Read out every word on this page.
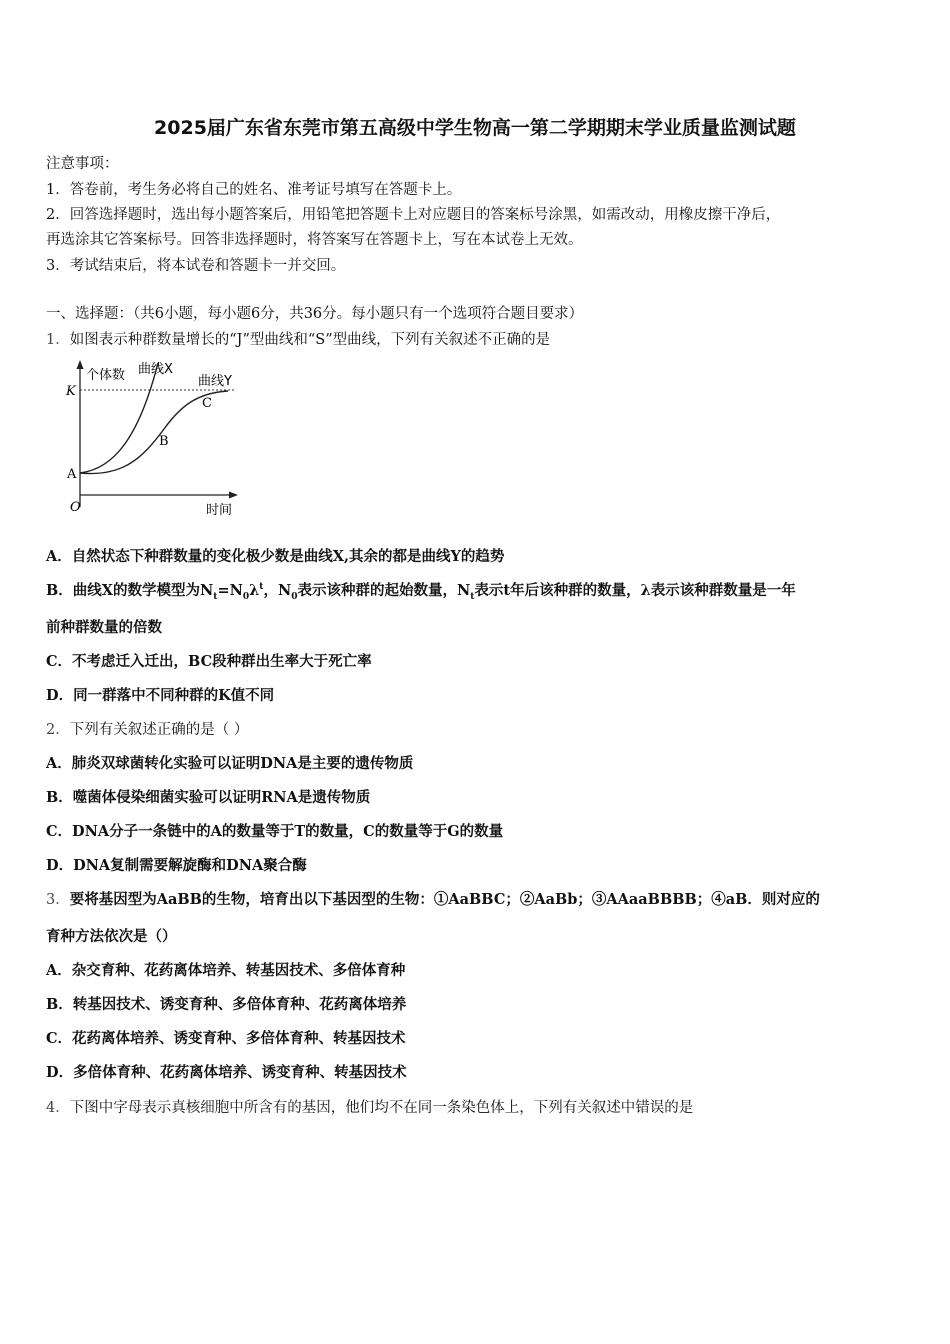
2025届广东省东莞市第五高级中学生物高一第二学期期末学业质量监测试题
注意事项：
1．答卷前，考生务必将自己的姓名、准考证号填写在答题卡上。
2．回答选择题时，选出每小题答案后，用铅笔把答题卡上对应题目的答案标号涂黑，如需改动，用橡皮擦干净后，
再选涂其它答案标号。回答非选择题时，将答案写在答题卡上，写在本试卷上无效。
3．考试结束后，将本试卷和答题卡一并交回。
一、选择题：（共6小题，每小题6分，共36分。每小题只有一个选项符合题目要求）
1．如图表示种群数量增长的“J”型曲线和“S”型曲线，下列有关叙述不正确的是
个体数 曲线X
曲线Y
K
A
B
C
O	时间
A．自然状态下种群数量的变化极少数是曲线X,其余的都是曲线Y的趋势
B．曲线X的数学模型为$N_t=N_0\lambda^t$，$N_0$表示该种群的起始数量，$N_t$表示t年后该种群的数量，λ表示该种群数量是一年
前种群数量的倍数
C．不考虑迁入迁出，BC段种群出生率大于死亡率
D．同一群落中不同种群的K值不同
2．下列有关叙述正确的是（ ）
A．肺炎双球菌转化实验可以证明DNA是主要的遗传物质
B．噬菌体侵染细菌实验可以证明RNA是遗传物质
C．DNA分子一条链中的A的数量等于T的数量，C的数量等于G的数量
D．DNA复制需要解旋酶和DNA聚合酶
3．要将基因型为AaBB的生物，培育出以下基因型的生物：①AaBBC；②AaBb；③AAaaBBBB；④aB．则对应的
育种方法依次是（）
A．杂交育种、花药离体培养、转基因技术、多倍体育种
B．转基因技术、诱变育种、多倍体育种、花药离体培养
C．花药离体培养、诱变育种、多倍体育种、转基因技术
D．多倍体育种、花药离体培养、诱变育种、转基因技术
4．下图中字母表示真核细胞中所含有的基因，他们均不在同一条染色体上，下列有关叙述中错误的是
